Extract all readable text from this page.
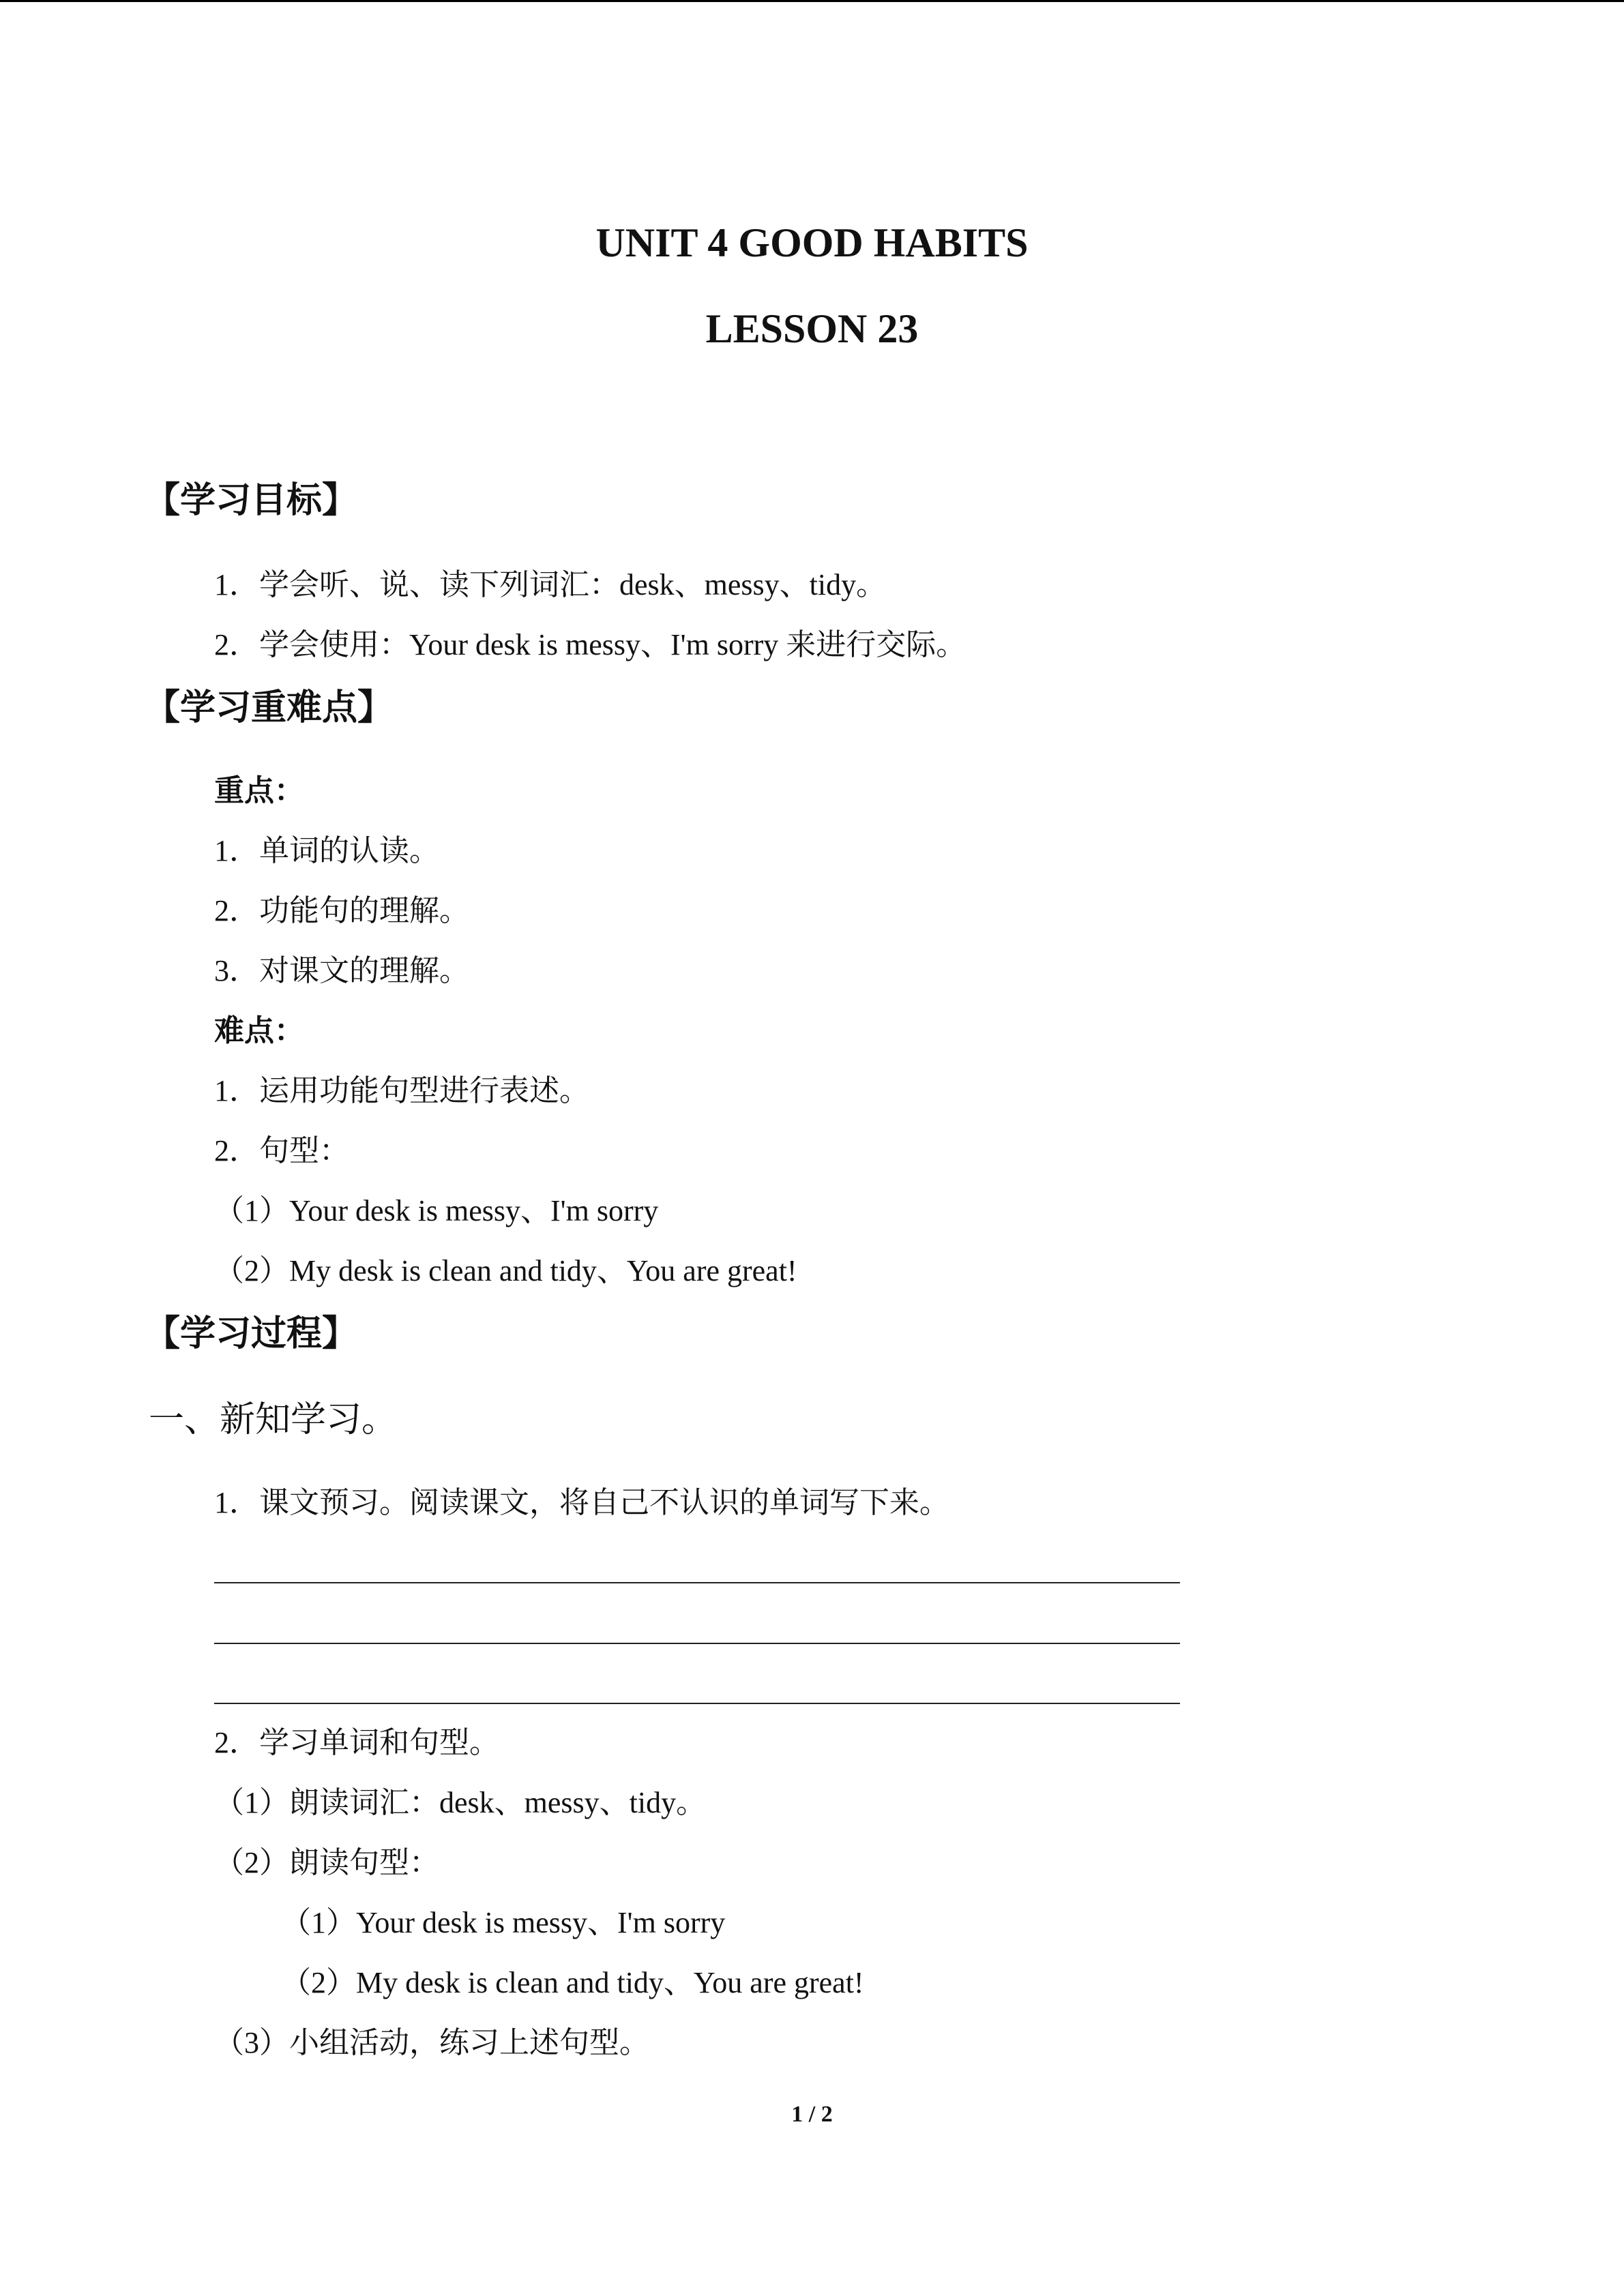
UNIT 4 GOOD HABITS
LESSON 23
【学习目标】
1．学会听、说、读下列词汇：desk、messy、tidy。
2．学会使用：Your desk is messy、I'm sorry 来进行交际。
【学习重难点】
重点：
1．单词的认读。
2．功能句的理解。
3．对课文的理解。
难点：
1．运用功能句型进行表述。
2．句型：
（1）Your desk is messy、I'm sorry
（2）My desk is clean and tidy、You are great!
【学习过程】
一、新知学习。
1．课文预习。阅读课文，将自己不认识的单词写下来。
2．学习单词和句型。
（1）朗读词汇：desk、messy、tidy。
（2）朗读句型：
（1）Your desk is messy、I'm sorry
（2）My desk is clean and tidy、You are great!
（3）小组活动，练习上述句型。
1 / 2
